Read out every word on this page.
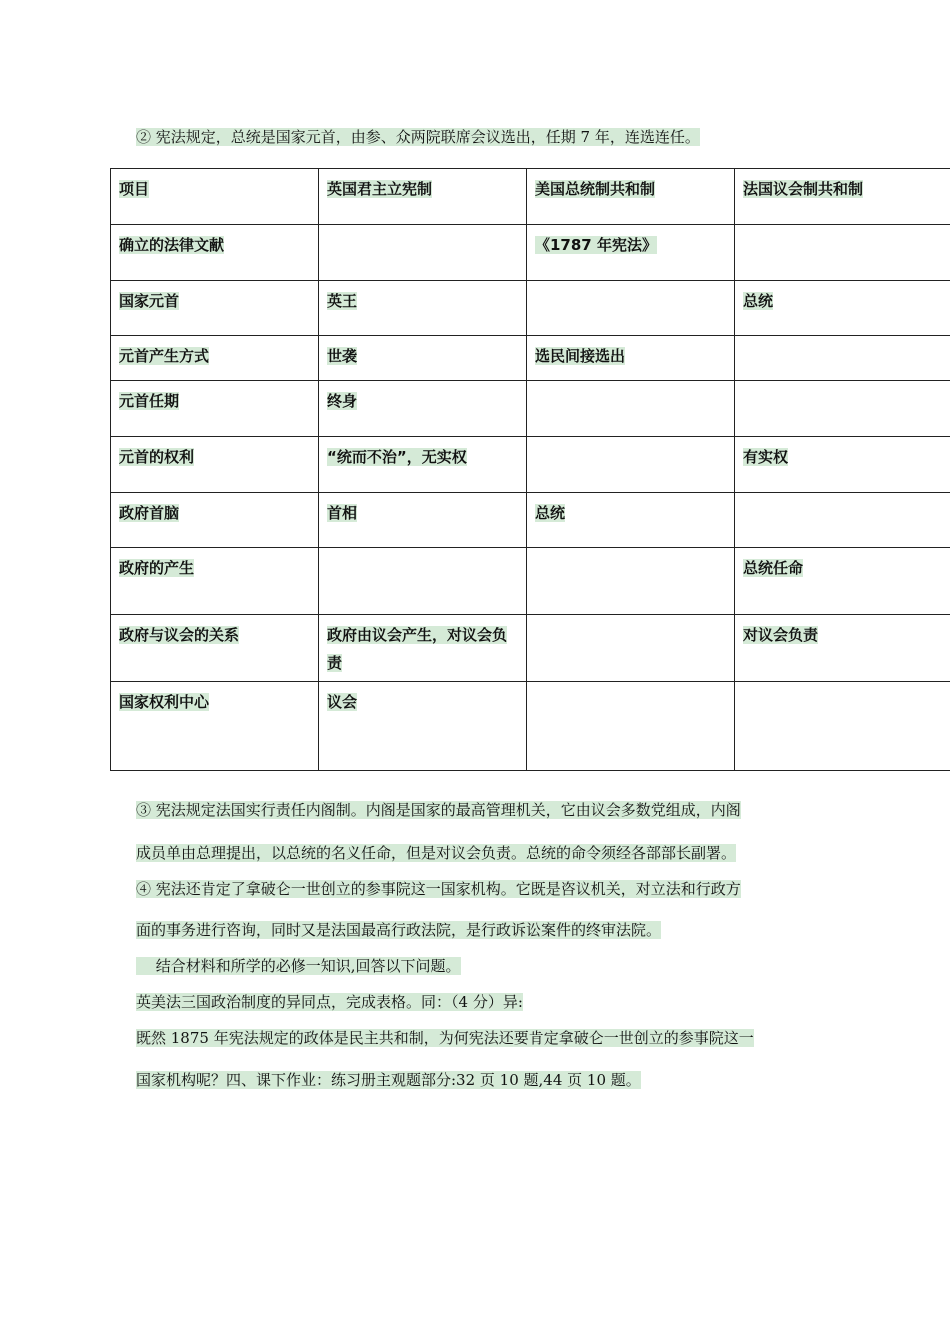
② 宪法规定，总统是国家元首，由参、众两院联席会议选出，任期 7 年，连选连任。
项目	英国君主立宪制	美国总统制共和制	法国议会制共和制
确立的法律文献		《1787 年宪法》	
国家元首	英王		总统
元首产生方式	世袭	选民间接选出	
元首任期	终身		
元首的权利	“统而不治”，无实权		有实权
政府首脑	首相	总统	
政府的产生			总统任命
政府与议会的关系	政府由议会产生，对议会负责		对议会负责
国家权利中心	议会		
③ 宪法规定法国实行责任内阁制。内阁是国家的最高管理机关，它由议会多数党组成，内阁
成员单由总理提出，以总统的名义任命，但是对议会负责。总统的命令须经各部部长副署。
④ 宪法还肯定了拿破仑一世创立的参事院这一国家机构。它既是咨议机关，对立法和行政方
面的事务进行咨询，同时又是法国最高行政法院，是行政诉讼案件的终审法院。
　 结合材料和所学的必修一知识,回答以下问题。
英美法三国政治制度的异同点，完成表格。同：（4 分）异:
既然 1875 年宪法规定的政体是民主共和制，为何宪法还要肯定拿破仑一世创立的参事院这一
国家机构呢？四、课下作业：练习册主观题部分:32 页 10 题,44 页 10 题。
